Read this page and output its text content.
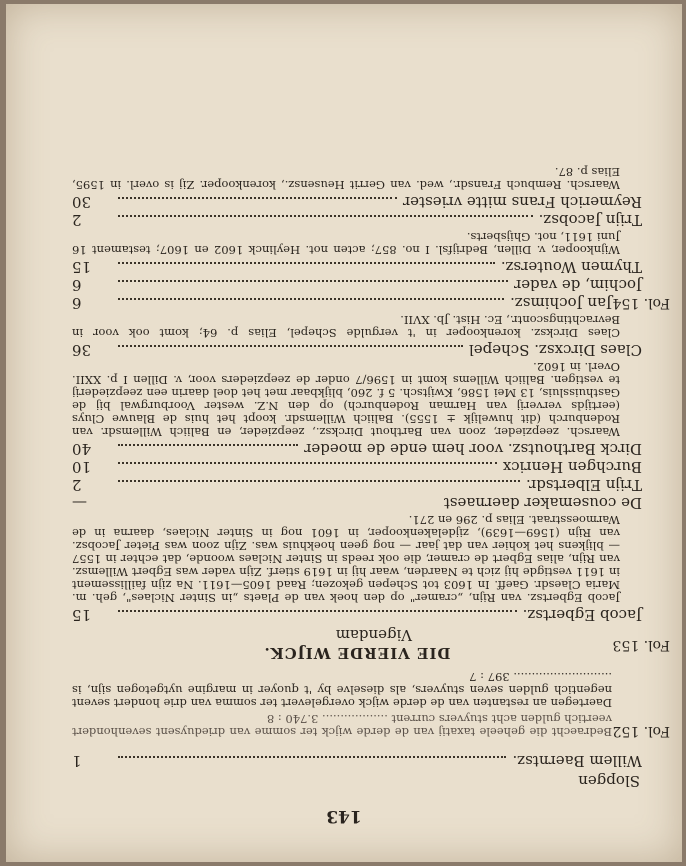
143
Slopgen
Willem Baerntsz.
1
Fol. 152
Bedraecht die geheele taxatij van de derde wijck ter somme van drieduysent sevenhondert veertich gulden acht stuyvers current .................. 3.740 : 8
Daertegen an restanten van de derde wijck overgelevert ter somma van drie hondert sevent negentich gulden seven stuyvers, als dieselve by 't quoyer in margine uytgetogen sijn, is ........................... 397 : 7
Fol. 153
DIE VIERDE WIJCK.
Vigendam
Jacob Egbertsz.
15
Jacob Egbertsz. van Rijn, „cramer" op den hoek van de Plaets „in Sinter Niclaes", geh. m. Maria Claesdr. Gaeff. In 1603 tot Schepen gekozen; Raad 1605—1611. Na zijn faillissement in 1611 vestigde hij zich te Naarden, waar hij in 1619 stierf. Zijn vader was Egbert Willemsz. van Rijn, alias Egbert de cramer, die ook reeds in Sinter Niclaes woonde, dat echter in 1557 — blijkens het kohier van dat jaar — nog geen hoekhuis was. Zijn zoon was Pieter Jacobsz. van Rijn (1569—1639), zijdelakenkooper, in 1601 nog in Sinter Niclaes, daarna in de Warmoesstraat. Elias p. 296 en 271.
De cousemaker daernaest
—
Trijn Elbertsdr.
2
Burchgen Henricx
10
Dirck Barthoutsz. voor hem ende de moeder
40
Waarsch. zeepzieder, zoon van Barthout Dircksz., zeepzieder, en Baliich Willemsdr. van Rodenburch (dit huwelijk ± 1555). Baliich Willemsdr. koopt het huis de Blauwe Cluys (eertijds ververij van Harman Rodenburch) op den N.Z. wester Voorburgwal bij de Gasthuissluis, 13 Mei 1586, Kwijtsch. 5 f. 260, blijkbaar met het doel daarin een zeepziederij te vestigen. Baliich Willems komt in 1596/7 onder de zeepzieders voor, v. Dillen I p. XXII. Overl. in 1602.
Claes Dircxsz. Schepel
36
Claes Dircksz. korenkooper in 't vergulde Schepel, Elias p. 64; komt ook voor in Bevrachtingscontr., Ec. Hist. Jb. XVII.
Fol. 154
Jan Jochimsz.
6
Jochim, de vader
6
Thymen Woutersz.
15
Wijnkooper, v. Dillen, Bedrijfsl. I no. 857; acten not. Heylinck 1602 en 1607; testament 16 Juni 1611, not. Ghijsberts.
Trijn Jacobsz.
2
Reymerich Frans mitte vriester
30
Waarsch. Rembuch Fransdr., wed. van Gerrit Heusensz., korenkooper. Zij is overl. in 1595, Elias p. 87.
